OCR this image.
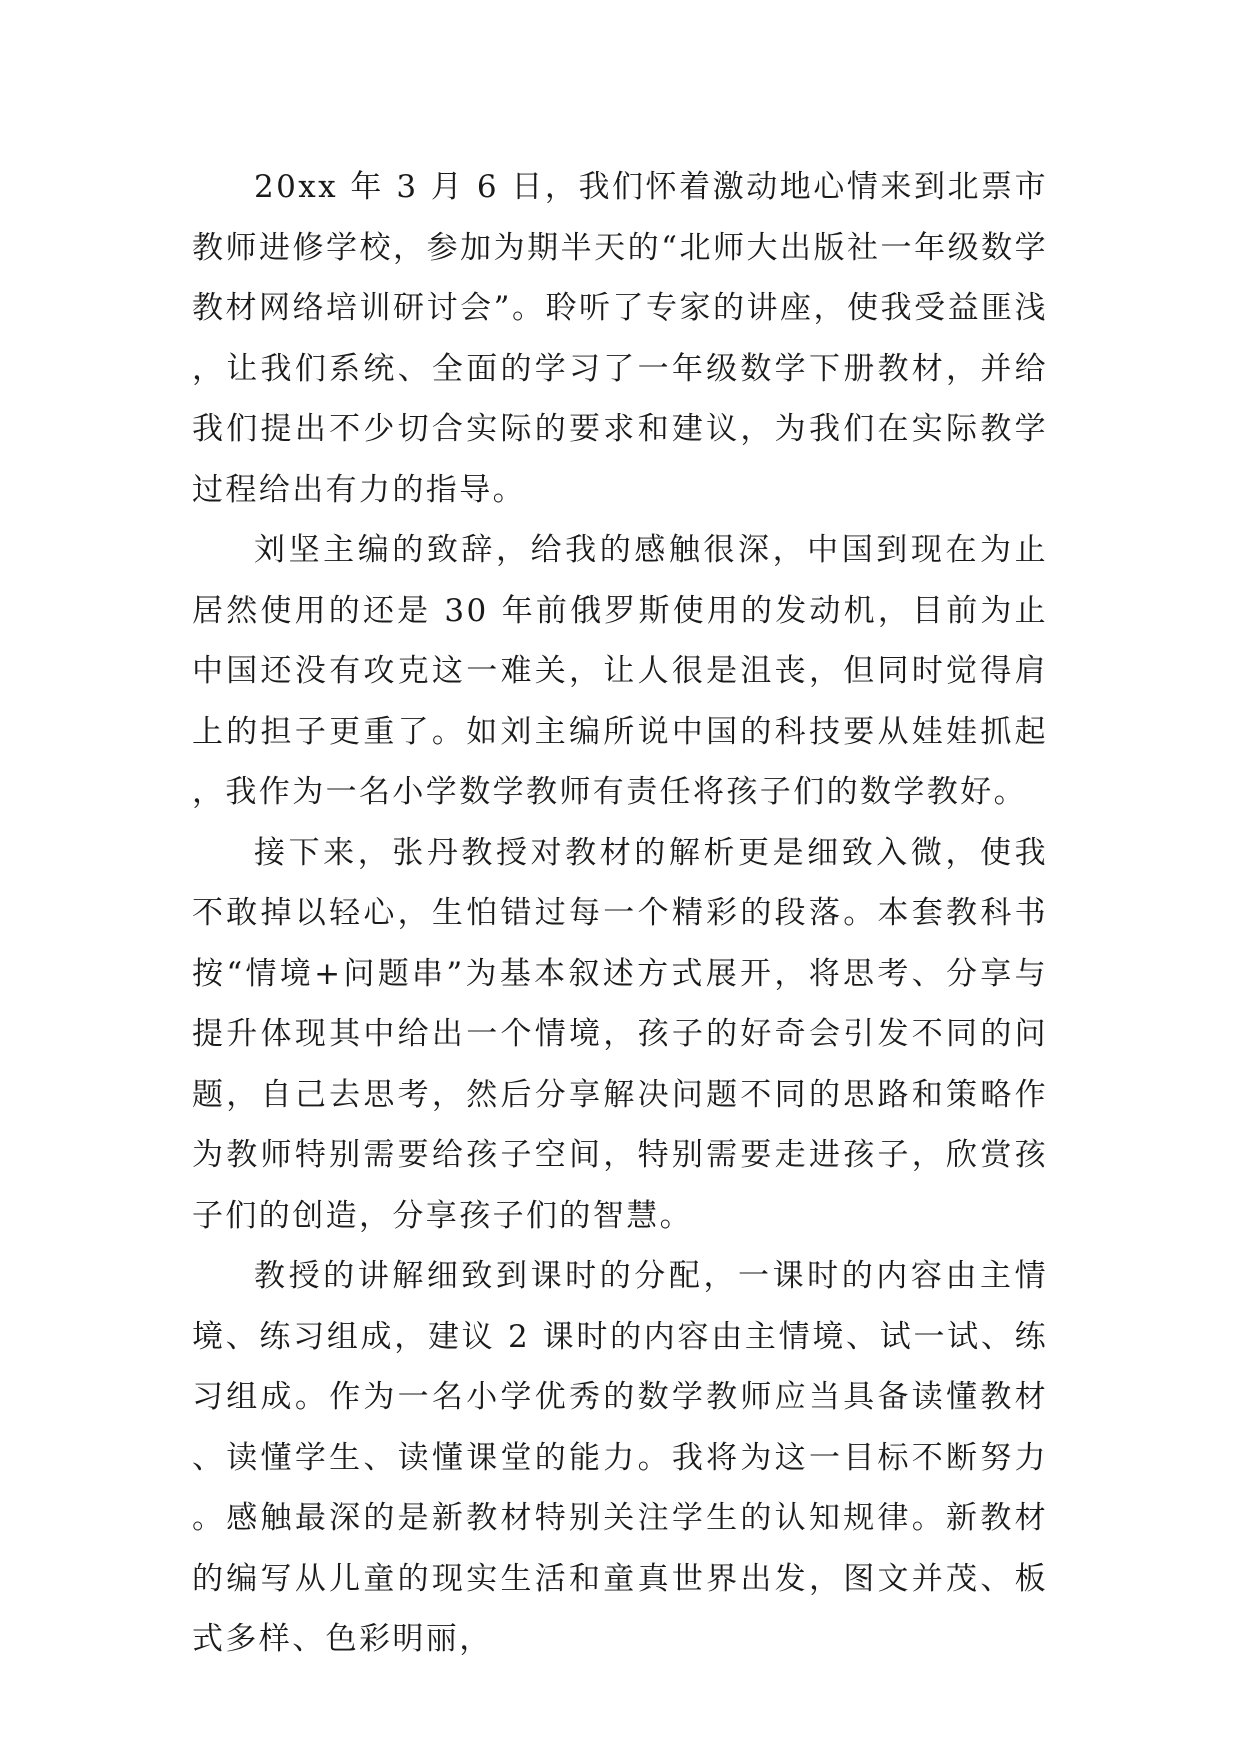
20xx 年 3 月 6 日，我们怀着激动地心情来到北票市教师进修学校，参加为期半天的“北师大出版社一年级数学教材网络培训研讨会”。聆听了专家的讲座，使我受益匪浅，让我们系统、全面的学习了一年级数学下册教材，并给我们提出不少切合实际的要求和建议，为我们在实际教学过程给出有力的指导。

刘坚主编的致辞，给我的感触很深，中国到现在为止居然使用的还是 30 年前俄罗斯使用的发动机，目前为止中国还没有攻克这一难关，让人很是沮丧，但同时觉得肩上的担子更重了。如刘主编所说中国的科技要从娃娃抓起，我作为一名小学数学教师有责任将孩子们的数学教好。

接下来，张丹教授对教材的解析更是细致入微，使我不敢掉以轻心，生怕错过每一个精彩的段落。本套教科书按“情境+问题串”为基本叙述方式展开，将思考、分享与提升体现其中给出一个情境，孩子的好奇会引发不同的问题，自己去思考，然后分享解决问题不同的思路和策略作为教师特别需要给孩子空间，特别需要走进孩子，欣赏孩子们的创造，分享孩子们的智慧。

教授的讲解细致到课时的分配，一课时的内容由主情境、练习组成，建议 2 课时的内容由主情境、试一试、练习组成。作为一名小学优秀的数学教师应当具备读懂教材、读懂学生、读懂课堂的能力。我将为这一目标不断努力。感触最深的是新教材特别关注学生的认知规律。新教材的编写从儿童的现实生活和童真世界出发，图文并茂、板式多样、色彩明丽，
